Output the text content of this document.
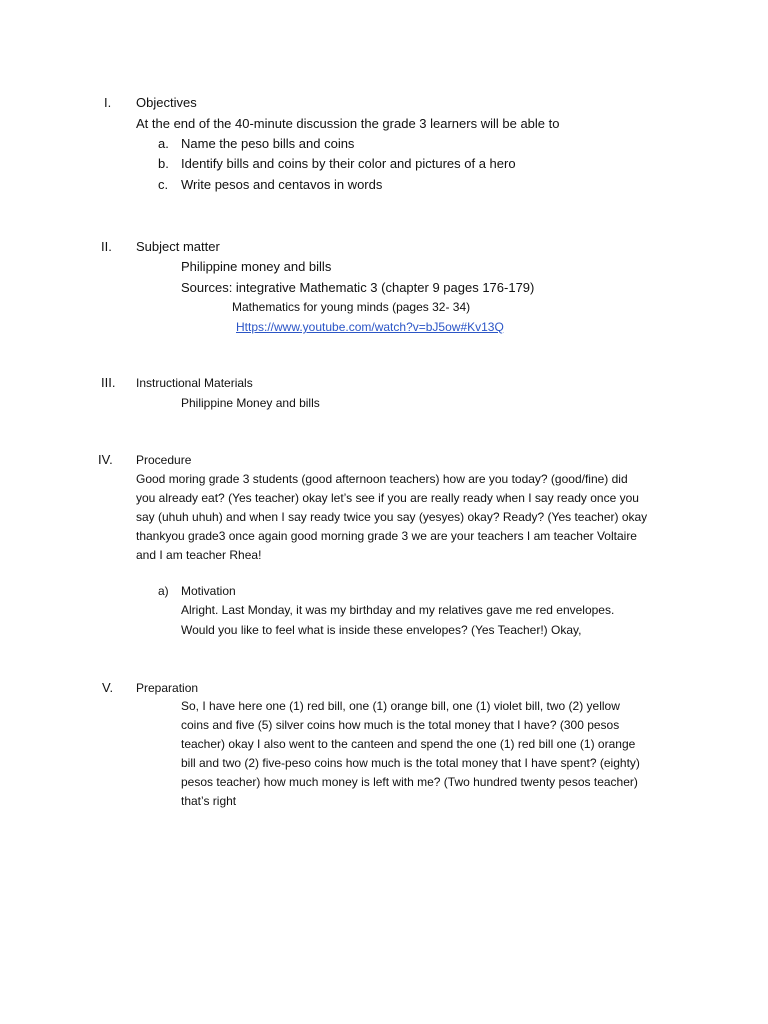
I.	Objectives
At the end of the 40-minute discussion the grade 3 learners will be able to
a. Name the peso bills and coins
b. Identify bills and coins by their color and pictures of a hero
c. Write pesos and centavos in words
II.	Subject matter
Philippine money and bills
Sources: integrative Mathematic 3 (chapter 9 pages 176-179)
Mathematics for young minds (pages 32- 34)
Https://www.youtube.com/watch?v=bJ5ow#Kv13Q
III.	Instructional Materials
Philippine Money and bills
IV.	Procedure
Good moring grade 3 students (good afternoon teachers) how are you today? (good/fine) did
you already eat? (Yes teacher) okay let’s see if you are really ready when I say ready once you
say (uhuh uhuh) and when I say ready twice you say (yesyes) okay? Ready? (Yes teacher) okay
thankyou grade3 once again good morning grade 3 we are your teachers I am teacher Voltaire
and I am teacher Rhea!
a) Motivation
Alright. Last Monday, it was my birthday and my relatives gave me red envelopes.
Would you like to feel what is inside these envelopes? (Yes Teacher!) Okay,
V.	Preparation
So, I have here one (1) red bill, one (1) orange bill, one (1) violet bill, two (2) yellow
coins and five (5) silver coins how much is the total money that I have? (300 pesos
teacher) okay I also went to the canteen and spend the one (1) red bill one (1) orange
bill and two (2) five-peso coins how much is the total money that I have spent? (eighty)
pesos teacher) how much money is left with me? (Two hundred twenty pesos teacher)
that’s right
